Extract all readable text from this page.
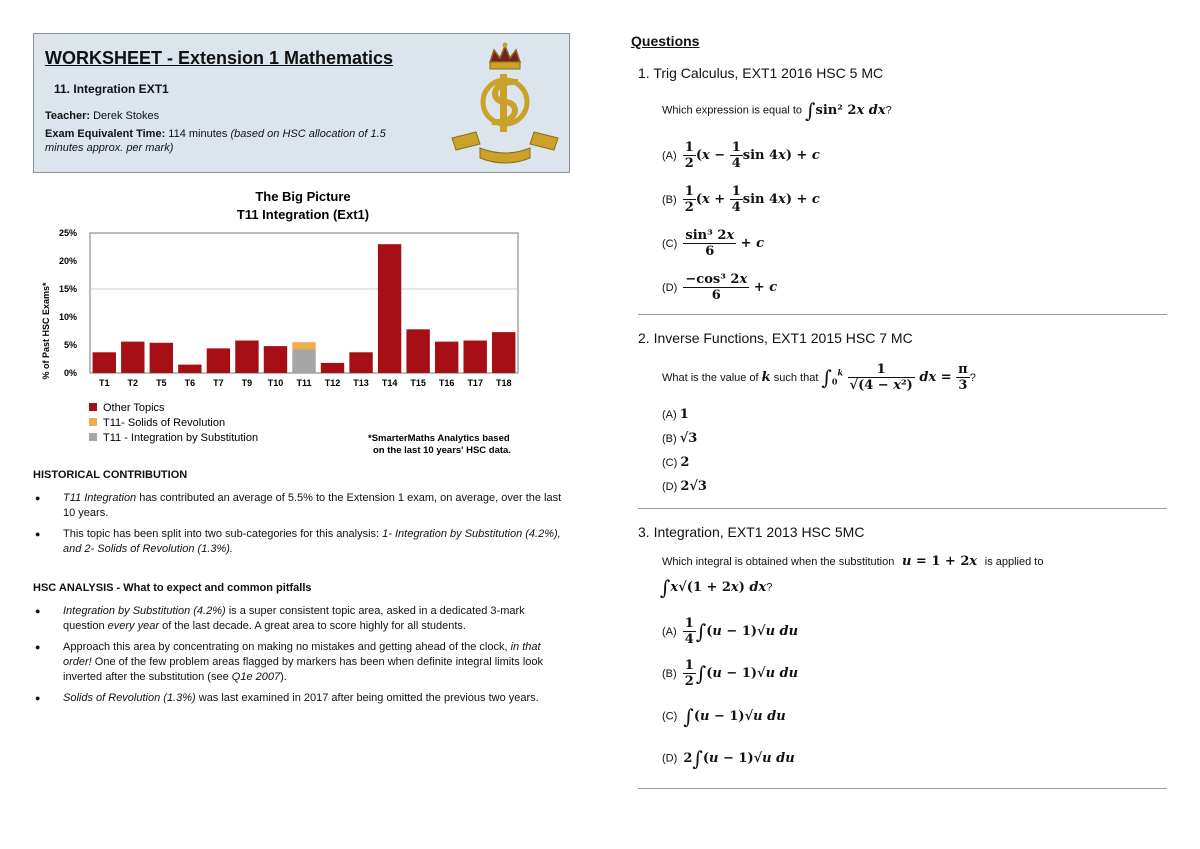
WORKSHEET - Extension 1 Mathematics
11. Integration EXT1
Teacher: Derek Stokes
Exam Equivalent Time: 114 minutes (based on HSC allocation of 1.5
minutes approx. per mark)
The Big Picture
T11 Integration (Ext1)
% of Past HSC Exams* 0%
5%
10%
15%
20%
25%
T1 T2 T5 T6 T7 T9 T10 T11 T12 T13 T14 T15 T16 T17 T18
Other Topics
T11- Solids of Revolution
T11 - Integration by Substitution	*SmarterMaths Analytics based
on the last 10 years' HSC data.
HISTORICAL CONTRIBUTION
● T11 Integration has contributed an average of 5.5% to the Extension 1 exam, on average, over the last 10 years.
● This topic has been split into two sub-categories for this analysis: 1- Integration by Substitution (4.2%), and 2- Solids of Revolution (1.3%).
HSC ANALYSIS - What to expect and common pitfalls
● Integration by Substitution (4.2%) is a super consistent topic area, asked in a dedicated 3-mark question every year of the last decade. A great area to score highly for all students.
● Approach this area by concentrating on making no mistakes and getting ahead of the clock, in that order! One of the few problem areas flagged by markers has been when definite integral limits look inverted after the substitution (see Q1e 2007).
● Solids of Revolution (1.3%) was last examined in 2017 after being omitted the previous two years.
Questions
1. Trig Calculus, EXT1 2016 HSC 5 MC
Which expression is equal to ∫sin² 2x dx?
$(A) \frac{1}{2} (x - \frac{1}{4}$ sin 4x) + c
$(B) \frac{1}{2} (x + \frac{1}{4}$ sin 4x) + c
$(C) \frac{\text{sin³ 2x}}{6} + c$
$(D) \frac{\text{−cos³ 2x}}{6} + c$
2. Inverse Functions, EXT1 2015 HSC 7 MC
What is the value of k such that $\int_0^k \frac{1}{\text{√(4 − x²)}}$ dx = $\frac{\pi}{3}$ ?
(A) 1
(B) √3
(C) 2
(D) 2√3
3. Integration, EXT1 2013 HSC 5MC
Which integral is obtained when the substitution u = 1 + 2x is applied to
∫x√(1 + 2x) dx?
$(A) \frac{1}{4} \int(u - 1)√u$ du
$(B) \frac{1}{2} \int(u - 1)√u$ du
(C) ∫(u − 1)√u du
(D) 2∫(u − 1)√u du
